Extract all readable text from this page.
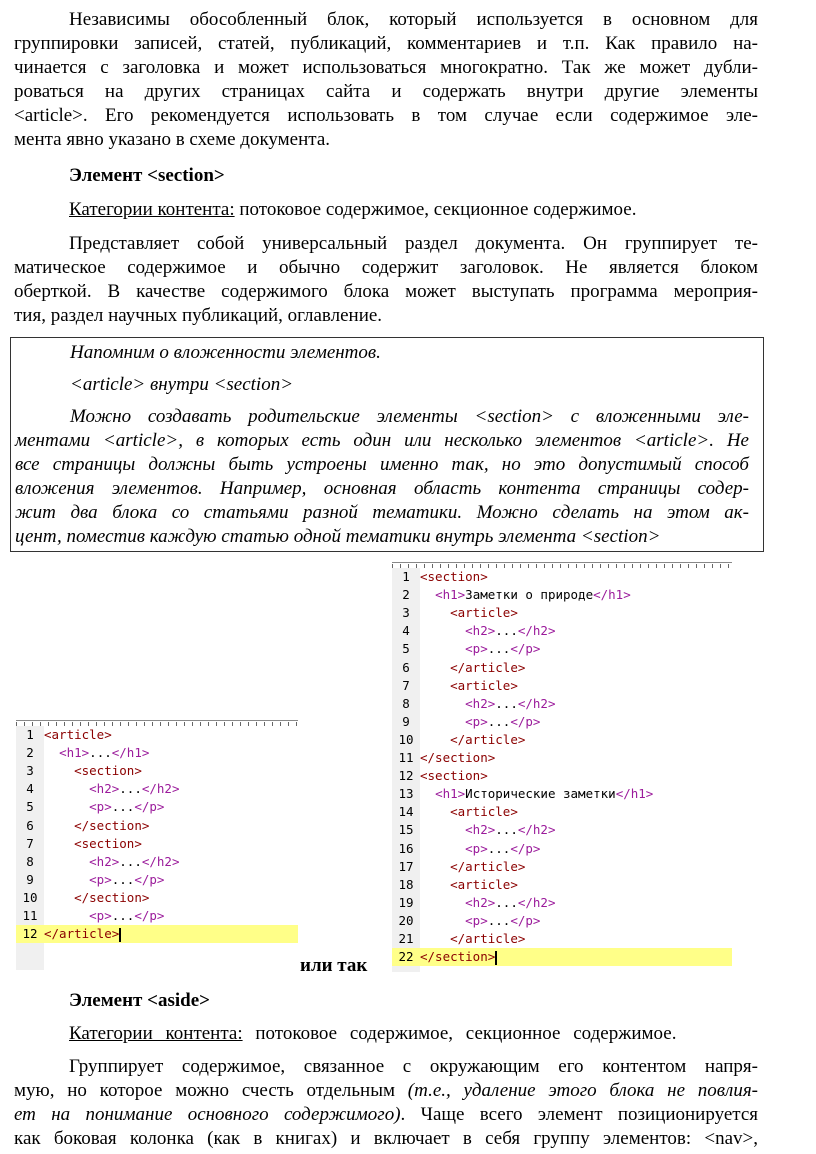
Независимы обособленный блок, который используется в основном для
группировки записей, статей, публикаций, комментариев и т.п. Как правило на-
чинается с заголовка и может использоваться многократно. Так же может дубли-
роваться на других страницах сайта и содержать внутри другие элементы
<article>. Его рекомендуется использовать в том случае если содержимое эле-
мента явно указано в схеме документа.
Элемент <section>
Категории контента: потоковое содержимое, секционное содержимое.
Представляет собой универсальный раздел документа. Он группирует те-
матическое содержимое и обычно содержит заголовок. Не является блоком
оберткой. В качестве содержимого блока может выступать программа мероприя-
тия, раздел научных публикаций, оглавление.
Напомним о вложенности элементов.
<article> внутри <section>
Можно создавать родительские элементы <section> с вложенными эле-
ментами <article>, в которых есть один или несколько элементов <article>. Не
все страницы должны быть устроены именно так, но это допустимый способ
вложения элементов. Например, основная область контента страницы содер-
жит два блока со статьями разной тематики. Можно сделать на этом ак-
цент, поместив каждую статью одной тематики внутрь элемента <section>
1 <section>
2 <h1>Заметки о природе</h1>
3	<article>
4	<h2>...</h2>
5	<p>...</p>
6	</article>
7	<article>
8	<h2>...</h2>
9	<p>...</p>
10	</article>
11 </section>
12 <section>
13 <h1>Исторические заметки</h1>
14	<article>
15	<h2>...</h2>
16	<p>...</p>
17	</article>
18	<article>
19	<h2>...</h2>
20	<p>...</p>
21	</article>
22 </section>
1 <article>
2 <h1>...</h1>
3	<section>
4	<h2>...</h2>
5	<p>...</p>
6	</section>
7	<section>
8	<h2>...</h2>
9	<p>...</p>
10	</section>
11	<p>...</p>
12 </article>
или так
Элемент <aside>
Категории контента: потоковое содержимое, секционное содержимое.
Группирует содержимое, связанное с окружающим его контентом напря-
мую, но которое можно счесть отдельным (т.е., удаление этого блока не повлия-
ет на понимание основного содержимого). Чаще всего элемент позиционируется
как боковая колонка (как в книгах) и включает в себя группу элементов: <nav>,
